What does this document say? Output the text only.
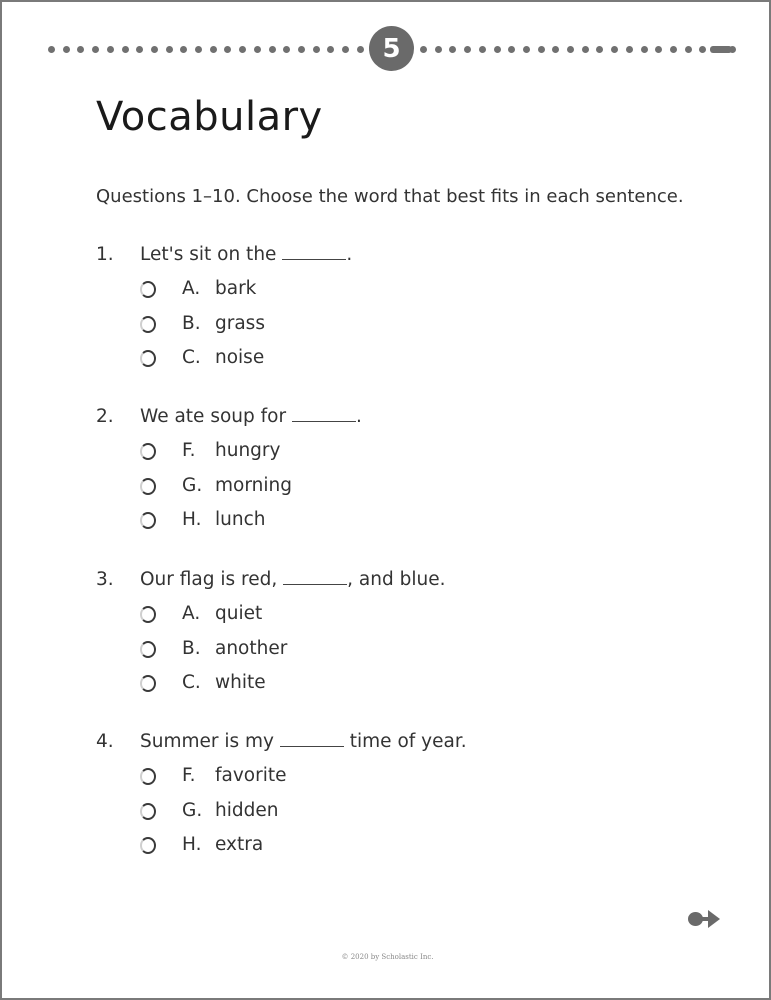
5
Vocabulary
Questions 1–10. Choose the word that best fits in each sentence.
1. Let's sit on the	.
A. bark
B. grass
C. noise
2. We ate soup for	.
F. hungry
G. morning
H. lunch
3. Our flag is red,	, and blue.
A. quiet
B. another
C. white
4. Summer is my	time of year.
F. favorite
G. hidden
H. extra
© 2020 by Scholastic Inc.
